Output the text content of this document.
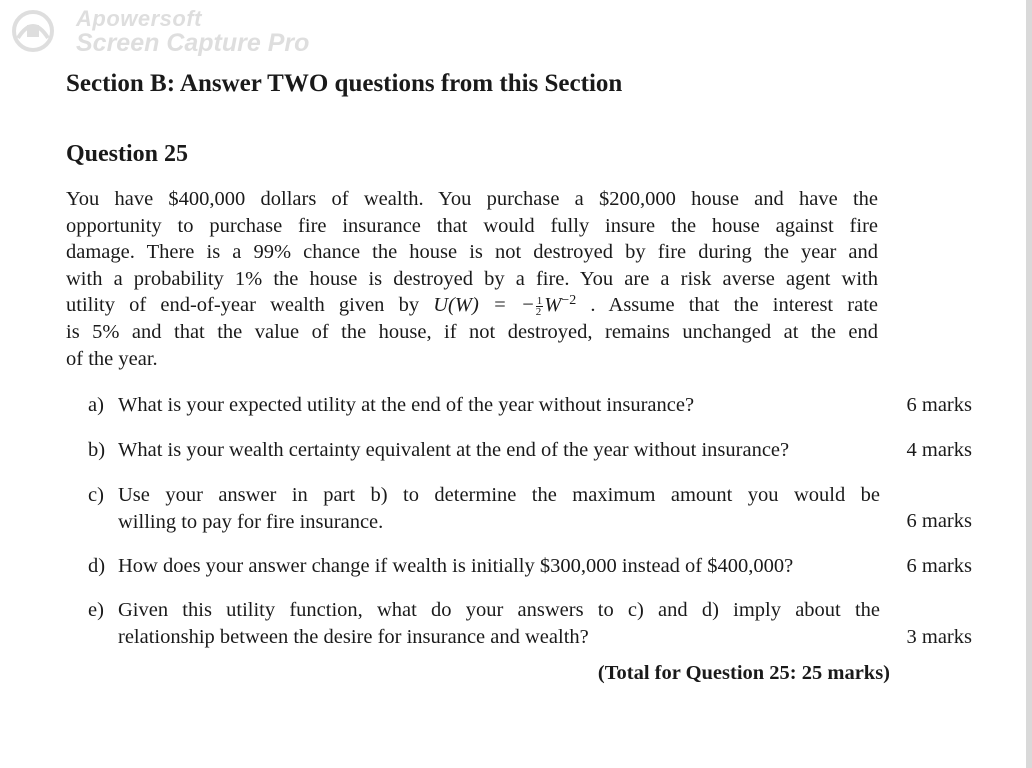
Apowersoft
Screen Capture Pro
Section B: Answer TWO questions from this Section
Question 25
You have $400,000 dollars of wealth. You purchase a $200,000 house and have the
opportunity to purchase fire insurance that would fully insure the house against fire
damage. There is a 99% chance the house is not destroyed by fire during the year and
with a probability 1% the house is destroyed by a fire. You are a risk averse agent with
utility of end-of-year wealth given by U(W) = − $\frac{1}{2} W^{-2}$ . Assume that the interest rate
is 5% and that the value of the house, if not destroyed, remains unchanged at the end
of the year.
a) What is your expected utility at the end of the year without insurance?	6 marks
b) What is your wealth certainty equivalent at the end of the year without insurance?	4 marks
c) Use your answer in part b) to determine the maximum amount you would be
willing to pay for fire insurance.	6 marks
d) How does your answer change if wealth is initially $300,000 instead of $400,000?	6 marks
e) Given this utility function, what do your answers to c) and d) imply about the
relationship between the desire for insurance and wealth?	3 marks
(Total for Question 25: 25 marks)
